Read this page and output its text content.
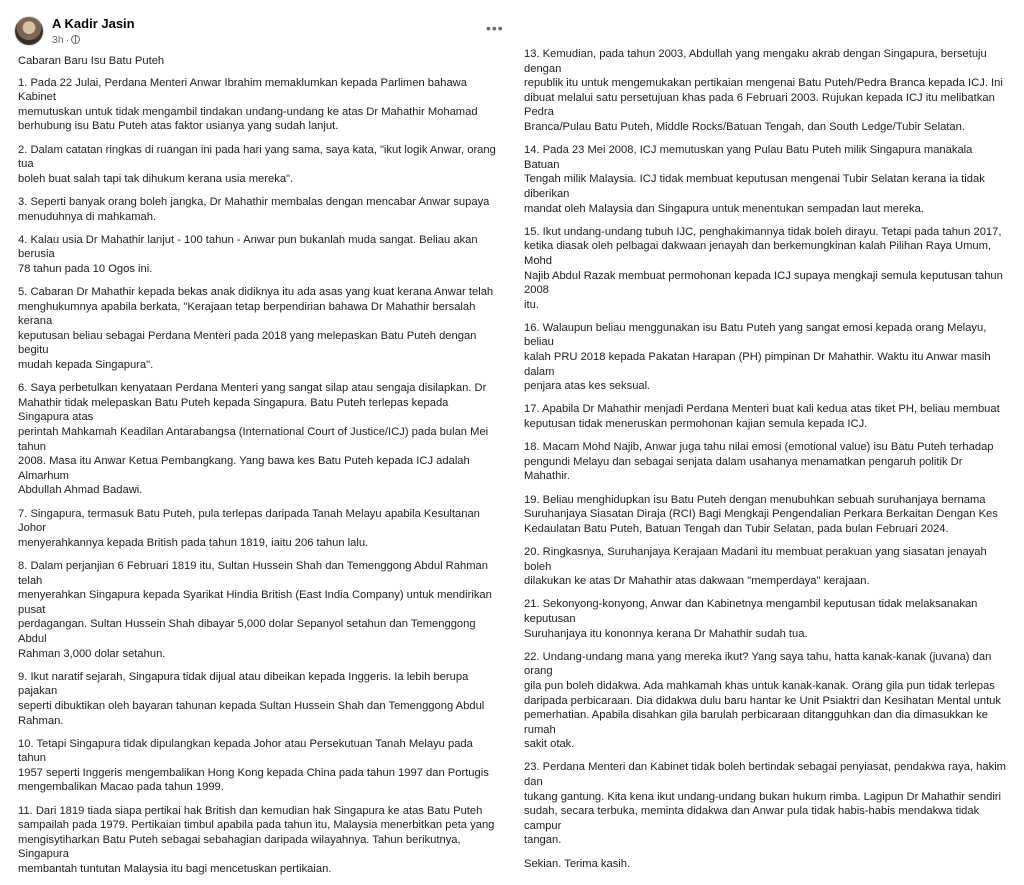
A Kadir Jasin
3h ·
•••
Cabaran Baru Isu Batu Puteh
1. Pada 22 Julai, Perdana Menteri Anwar Ibrahim memaklumkan kepada Parlimen bahawa Kabinet
memutuskan untuk tidak mengambil tindakan undang-undang ke atas Dr Mahathir Mohamad
berhubung isu Batu Puteh atas faktor usianya yang sudah lanjut.
2. Dalam catatan ringkas di ruangan ini pada hari yang sama, saya kata, "ikut logik Anwar, orang tua
boleh buat salah tapi tak dihukum kerana usia mereka".
3. Seperti banyak orang boleh jangka, Dr Mahathir membalas dengan mencabar Anwar supaya
menuduhnya di mahkamah.
4. Kalau usia Dr Mahathir lanjut - 100 tahun - Anwar pun bukanlah muda sangat. Beliau akan berusia
78 tahun pada 10 Ogos ini.
5. Cabaran Dr Mahathir kepada bekas anak didiknya itu ada asas yang kuat kerana Anwar telah
menghukumnya apabila berkata, "Kerajaan tetap berpendirian bahawa Dr Mahathir bersalah kerana
keputusan beliau sebagai Perdana Menteri pada 2018 yang melepaskan Batu Puteh dengan begitu
mudah kepada Singapura".
6. Saya perbetulkan kenyataan Perdana Menteri yang sangat silap atau sengaja disilapkan. Dr
Mahathir tidak melepaskan Batu Puteh kepada Singapura. Batu Puteh terlepas kepada Singapura atas
perintah Mahkamah Keadilan Antarabangsa (International Court of Justice/ICJ) pada bulan Mei tahun
2008. Masa itu Anwar Ketua Pembangkang. Yang bawa kes Batu Puteh kepada ICJ adalah Almarhum
Abdullah Ahmad Badawi.
7. Singapura, termasuk Batu Puteh, pula terlepas daripada Tanah Melayu apabila Kesultanan Johor
menyerahkannya kepada British pada tahun 1819, iaitu 206 tahun lalu.
8. Dalam perjanjian 6 Februari 1819 itu, Sultan Hussein Shah dan Temenggong Abdul Rahman telah
menyerahkan Singapura kepada Syarikat Hindia British (East India Company) untuk mendirikan pusat
perdagangan. Sultan Hussein Shah dibayar 5,000 dolar Sepanyol setahun dan Temenggong Abdul
Rahman 3,000 dolar setahun.
9. Ikut naratif sejarah, Singapura tidak dijual atau dibeikan kepada Inggeris. Ia lebih berupa pajakan
seperti dibuktikan oleh bayaran tahunan kepada Sultan Hussein Shah dan Temenggong Abdul
Rahman.
10. Tetapi Singapura tidak dipulangkan kepada Johor atau Persekutuan Tanah Melayu pada tahun
1957 seperti Inggeris mengembalikan Hong Kong kepada China pada tahun 1997 dan Portugis
mengembalikan Macao pada tahun 1999.
11. Dari 1819 tiada siapa pertikai hak British dan kemudian hak Singapura ke atas Batu Puteh
sampailah pada 1979. Pertikaian timbul apabila pada tahun itu, Malaysia menerbitkan peta yang
mengisytiharkan Batu Puteh sebagai sebahagian daripada wilayahnya. Tahun berikutnya, Singapura
membantah tuntutan Malaysia itu bagi mencetuskan pertikaian.
13. Kemudian, pada tahun 2003, Abdullah yang mengaku akrab dengan Singapura, bersetuju dengan
republik itu untuk mengemukakan pertikaian mengenai Batu Puteh/Pedra Branca kepada ICJ. Ini
dibuat melalui satu persetujuan khas pada 6 Februari 2003. Rujukan kepada ICJ itu melibatkan Pedra
Branca/Pulau Batu Puteh, Middle Rocks/Batuan Tengah, dan South Ledge/Tubir Selatan.
14. Pada 23 Mei 2008, ICJ memutuskan yang Pulau Batu Puteh milik Singapura manakala Batuan
Tengah milik Malaysia. ICJ tidak membuat keputusan mengenai Tubir Selatan kerana ia tidak diberikan
mandat oleh Malaysia dan Singapura untuk menentukan sempadan laut mereka.
15. Ikut undang-undang tubuh IJC, penghakimannya tidak boleh dirayu. Tetapi pada tahun 2017,
ketika diasak oleh pelbagai dakwaan jenayah dan berkemungkinan kalah Pilihan Raya Umum, Mohd
Najib Abdul Razak membuat permohonan kepada ICJ supaya mengkaji semula keputusan tahun 2008
itu.
16. Walaupun beliau menggunakan isu Batu Puteh yang sangat emosi kepada orang Melayu, beliau
kalah PRU 2018 kepada Pakatan Harapan (PH) pimpinan Dr Mahathir. Waktu itu Anwar masih dalam
penjara atas kes seksual.
17. Apabila Dr Mahathir menjadi Perdana Menteri buat kali kedua atas tiket PH, beliau membuat
keputusan tidak meneruskan permohonan kajian semula kepada ICJ.
18. Macam Mohd Najib, Anwar juga tahu nilai emosi (emotional value) isu Batu Puteh terhadap
pengundi Melayu dan sebagai senjata dalam usahanya menamatkan pengaruh politik Dr Mahathir.
19. Beliau menghidupkan isu Batu Puteh dengan menubuhkan sebuah suruhanjaya bernama
Suruhanjaya Siasatan Diraja (RCI) Bagi Mengkaji Pengendalian Perkara Berkaitan Dengan Kes
Kedaulatan Batu Puteh, Batuan Tengah dan Tubir Selatan, pada bulan Februari 2024.
20. Ringkasnya, Suruhanjaya Kerajaan Madani itu membuat perakuan yang siasatan jenayah boleh
dilakukan ke atas Dr Mahathir atas dakwaan "memperdaya" kerajaan.
21. Sekonyong-konyong, Anwar dan Kabinetnya mengambil keputusan tidak melaksanakan keputusan
Suruhanjaya itu kononnya kerana Dr Mahathir sudah tua.
22. Undang-undang mana yang mereka ikut? Yang saya tahu, hatta kanak-kanak (juvana) dan orang
gila pun boleh didakwa. Ada mahkamah khas untuk kanak-kanak. Orang gila pun tidak terlepas
daripada perbicaraan. Dia didakwa dulu baru hantar ke Unit Psiaktri dan Kesihatan Mental untuk
pemerhatian. Apabila disahkan gila barulah perbicaraan ditangguhkan dan dia dimasukkan ke rumah
sakit otak.
23. Perdana Menteri dan Kabinet tidak boleh bertindak sebagai penyiasat, pendakwa raya, hakim dan
tukang gantung. Kita kena ikut undang-undang bukan hukum rimba. Lagipun Dr Mahathir sendiri
sudah, secara terbuka, meminta didakwa dan Anwar pula tidak habis-habis mendakwa tidak campur
tangan.
Sekian. Terima kasih.
